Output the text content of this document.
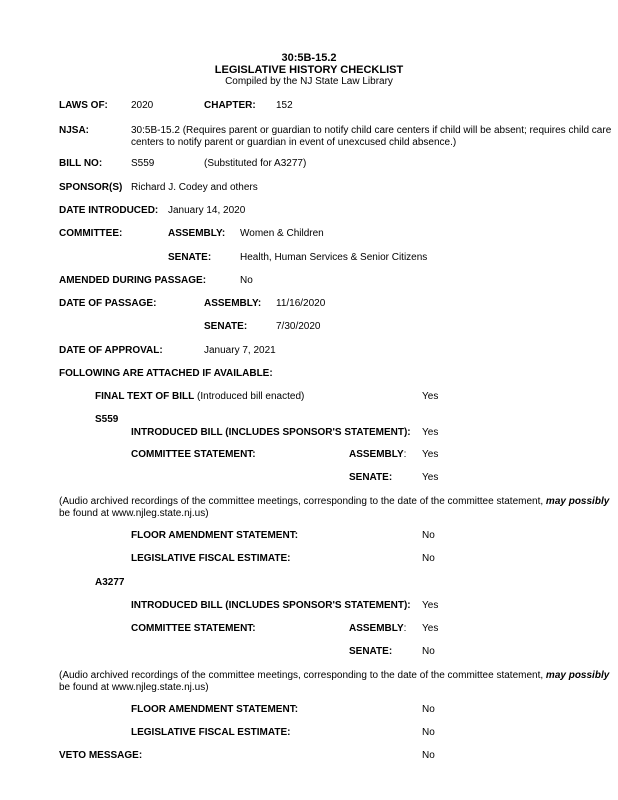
30:5B-15.2
LEGISLATIVE HISTORY CHECKLIST
Compiled by the NJ State Law Library
LAWS OF: 2020	CHAPTER: 152
NJSA:	30:5B-15.2 (Requires parent or guardian to notify child care centers if child will be absent; requires child care
centers to notify parent or guardian in event of unexcused child absence.)
BILL NO:	S559	(Substituted for A3277)
SPONSOR(S) Richard J. Codey and others
DATE INTRODUCED: January 14, 2020
COMMITTEE:	ASSEMBLY: Women & Children
SENATE:	Health, Human Services & Senior Citizens
AMENDED DURING PASSAGE:	No
DATE OF PASSAGE:	ASSEMBLY: 11/16/2020
SENATE:	7/30/2020
DATE OF APPROVAL:	January 7, 2021
FOLLOWING ARE ATTACHED IF AVAILABLE:
FINAL TEXT OF BILL (Introduced bill enacted)	Yes
S559
INTRODUCED BILL (INCLUDES SPONSOR'S STATEMENT): Yes
COMMITTEE STATEMENT:	ASSEMBLY: Yes
SENATE:	Yes
(Audio archived recordings of the committee meetings, corresponding to the date of the committee statement, may possibly
be found at www.njleg.state.nj.us)
FLOOR AMENDMENT STATEMENT:	No
LEGISLATIVE FISCAL ESTIMATE:	No
A3277
INTRODUCED BILL (INCLUDES SPONSOR'S STATEMENT): Yes
COMMITTEE STATEMENT:	ASSEMBLY: Yes
SENATE:	No
(Audio archived recordings of the committee meetings, corresponding to the date of the committee statement, may possibly
be found at www.njleg.state.nj.us)
FLOOR AMENDMENT STATEMENT:	No
LEGISLATIVE FISCAL ESTIMATE:	No
VETO MESSAGE:	No
